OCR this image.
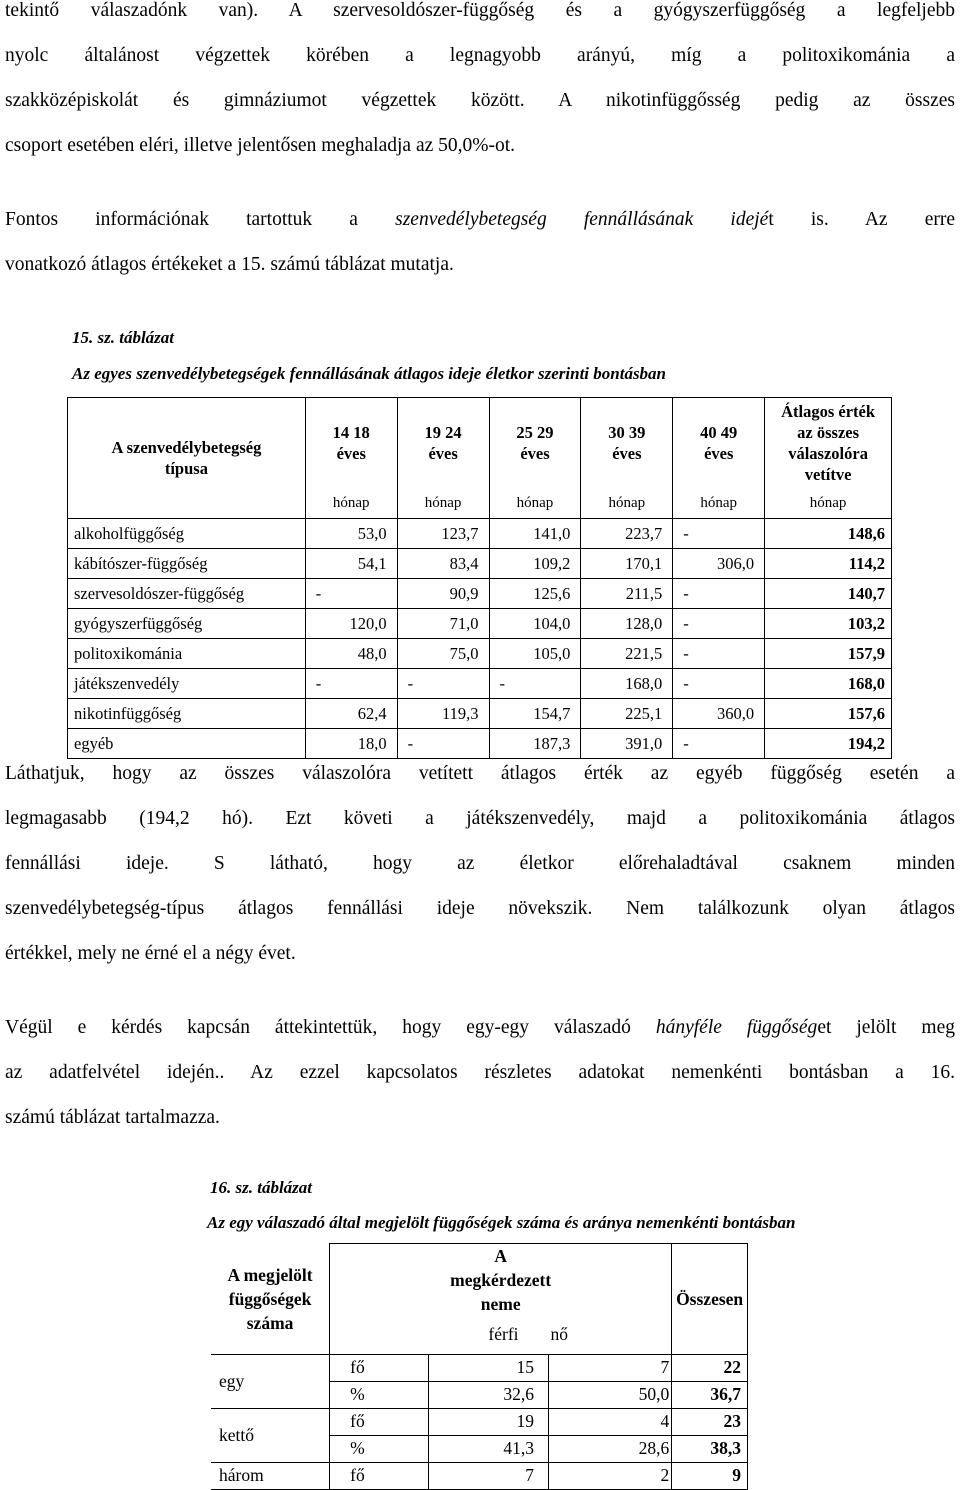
tekintő válaszadónk van). A szervesoldószer-függőség és a gyógyszerfüggőség a legfeljebb
nyolc általánost végzettek körében a legnagyobb arányú, míg a politoxikománia a
szakközépiskolát és gimnáziumot végzettek között. A nikotinfüggősség pedig az összes
csoport esetében eléri, illetve jelentősen meghaladja az 50,0%-ot.
Fontos információnak tartottuk a szenvedélybetegség fennállásának idejét is. Az erre
vonatkozó átlagos értékeket a 15. számú táblázat mutatja.
15. sz. táblázat
Az egyes szenvedélybetegségek fennállásának átlagos ideje életkor szerinti bontásban
A szenvedélybetegség típusa	14 18 éves	19 24 éves	25 29 éves	30 39 éves	40 49 éves	Átlagos érték az összes válaszolóra vetítve
	hónap	hónap	hónap	hónap	hónap	hónap
alkoholfüggőség	53,0	123,7	141,0	223,7	-	148,6
kábítószer-függőség	54,1	83,4	109,2	170,1	306,0	114,2
szervesoldószer-függőség	-	90,9	125,6	211,5	-	140,7
gyógyszerfüggőség	120,0	71,0	104,0	128,0	-	103,2
politoxikománia	48,0	75,0	105,0	221,5	-	157,9
játékszenvedély	-	-	-	168,0	-	168,0
nikotinfüggőség	62,4	119,3	154,7	225,1	360,0	157,6
egyéb	18,0	-	187,3	391,0	-	194,2
Láthatjuk, hogy az összes válaszolóra vetített átlagos érték az egyéb függőség esetén a
legmagasabb (194,2 hó). Ezt követi a játékszenvedély, majd a politoxikománia átlagos
fennállási ideje. S látható, hogy az életkor előrehaladtával csaknem minden
szenvedélybetegség-típus átlagos fennállási ideje növekszik. Nem találkozunk olyan átlagos
értékkel, mely ne érné el a négy évet.
Végül e kérdés kapcsán áttekintettük, hogy egy-egy válaszadó hányféle függőséget jelölt meg
az adatfelvétel idején.. Az ezzel kapcsolatos részletes adatokat nemenkénti bontásban a 16.
számú táblázat tartalmazza.
16. sz. táblázat
Az egy válaszadó által megjelölt függőségek száma és aránya nemenkénti bontásban
A megjelölt függőségek száma	A megkérdezett neme			Összesen
	férfi		nő	
egy	fő	15	7	22
	%	32,6	50,0	36,7
kettő	fő	19	4	23
	%	41,3	28,6	38,3
három	fő	7	2	9
